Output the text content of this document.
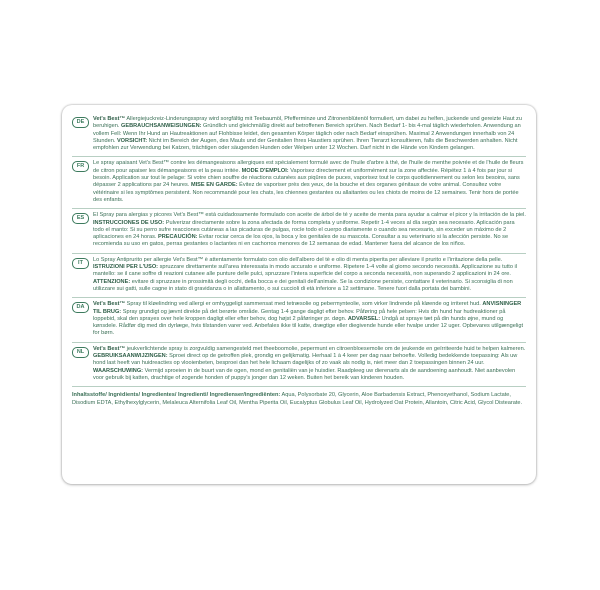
DE	Vet's Best™ Allergiejuckreiz-Linderungsspray wird sorgfältig mit Teebaumöl, Pfefferminze und Zitronenblütenöl formuliert, um dabei zu helfen, juckende und gereizte Haut zu beruhigen. GEBRAUCHSANWEISUNGEN: Gründlich und gleichmäßig direkt auf betroffenen Bereich sprühen. Nach Bedarf 1- bis 4-mal täglich wiederholen. Anwendung an vollem Fell: Wenn Ihr Hund an Hautreaktionen auf Flohbisse leidet, den gesamten Körper täglich oder nach Bedarf einsprühen. Maximal 2 Anwendungen innerhalb von 24 Stunden. VORSICHT: Nicht im Bereich der Augen, des Mauls und der Genitalien Ihres Haustiers sprühen. Ihren Tierarzt konsultieren, falls die Beschwerden anhalten. Nicht empfohlen zur Verwendung bei Katzen, trächtigen oder säugenden Hunden oder Welpen unter 12 Wochen. Darf nicht in die Hände von Kindern gelangen.

FR	Le spray apaisant Vet's Best™ contre les démangeaisons allergiques est spécialement formulé avec de l'huile d'arbre à thé, de l'huile de menthe poivrée et de l'huile de fleurs de citron pour apaiser les démangeaisons et la peau irritée. MODE D'EMPLOI: Vaporisez directement et uniformément sur la zone affectée. Répétez 1 à 4 fois par jour si besoin. Application sur tout le pelage: Si votre chien souffre de réactions cutanées aux piqûres de puces, vaporisez tout le corps quotidiennement ou selon les besoins, sans dépasser 2 applications par 24 heures. MISE EN GARDE: Évitez de vaporiser près des yeux, de la bouche et des organes génitaux de votre animal. Consultez votre vétérinaire si les symptômes persistent. Non recommandé pour les chats, les chiennes gestantes ou allaitantes ou les chiots de moins de 12 semaines. Tenir hors de portée des enfants.

ES	El Spray para alergias y picores Vet's Best™ está cuidadosamente formulado con aceite de árbol de té y aceite de menta para ayudar a calmar el picor y la irritación de la piel. INSTRUCCIONES DE USO: Pulverizar directamente sobre la zona afectada de forma completa y uniforme. Repetir 1-4 veces al día según sea necesario. Aplicación para todo el manto: Si su perro sufre reacciones cutáneas a las picaduras de pulgas, rocíe todo el cuerpo diariamente o cuando sea necesario, sin exceder un máximo de 2 aplicaciones en 24 horas. PRECAUCIÓN: Evitar rociar cerca de los ojos, la boca y los genitales de su mascota. Consultar a su veterinario si la afección persiste. No se recomienda su uso en gatos, perras gestantes o lactantes ni en cachorros menores de 12 semanas de edad. Mantener fuera del alcance de los niños.

IT	Lo Spray Antiprurito per allergie Vet's Best™ è attentamente formulato con olio dell'albero del tè e olio di menta piperita per alleviare il prurito e l'irritazione della pelle. ISTRUZIONI PER L'USO: spruzzare direttamente sull'area interessata in modo accurato e uniforme. Ripetere 1-4 volte al giorno secondo necessità. Applicazione su tutto il mantello: se il cane soffre di reazioni cutanee alle punture delle pulci, spruzzare l'intera superficie del corpo a seconda necessità, non superando 2 applicazioni in 24 ore. ATTENZIONE: evitare di spruzzare in prossimità degli occhi, della bocca e dei genitali dell'animale. Se la condizione persiste, contattare il veterinario. Si sconsiglia di non utilizzare sui gatti, sulle cagne in stato di gravidanza o in allattamento, o sui cuccioli di età inferiore a 12 settimane. Tenere fuori dalla portata dei bambini.

DA	Vet's Best™ Spray til kløelindring ved allergi er omhyggeligt sammensat med tetræsolie og pebermynteolie, som virker lindrende på kløende og irriteret hud. ANVISNINGER TIL BRUG: Spray grundigt og jævnt direkte på det berørte område. Gentag 1-4 gange dagligt efter behov. Påføring på hele pelsen: Hvis din hund har hudreaktioner på loppebid, skal den sprayes over hele kroppen dagligt eller efter behov, dog højst 2 påføringer pr. døgn. ADVARSEL: Undgå at spraye tæt på din hunds øjne, mund og kønsdele. Rådfør dig med din dyrlæge, hvis tilstanden varer ved. Anbefales ikke til katte, drægtige eller diegivende hunde eller hvalpe under 12 uger. Opbevares utilgængeligt for børn.

NL	Vet's Best™ jeukverlichtende spray is zorgvuldig samengesteld met theeboomolie, pepermunt en citroenbloesemolie om de jeukende en geïrriteerde huid te helpen kalmeren. GEBRUIKSAANWIJZINGEN: Sproei direct op de getroffen plek, grondig en gelijkmatig. Herhaal 1 à 4 keer per dag naar behoefte. Volledig bedekkende toepassing: Als uw hond last heeft van huidreacties op vlooienbeten, besproei dan het hele lichaam dagelijks of zo vaak als nodig is, niet meer dan 2 toepassingen binnen 24 uur. WAARSCHUWING: Vermijd sproeien in de buurt van de ogen, mond en genitaliën van je huisdier. Raadpleeg uw dierenarts als de aandoening aanhoudt. Niet aanbevolen voor gebruik bij katten, drachtige of zogende honden of puppy's jonger dan 12 weken. Buiten het bereik van kinderen houden.

Inhaltsstoffe/ Ingrédients/ Ingredientes/ Ingredienti/ Ingredienser/ingrediënten: Aqua, Polysorbate 20, Glycerin, Aloe Barbadensis Extract, Phenoxyethanol, Sodium Lactate, Disodium EDTA, Ethylhexylglycerin, Melaleuca Alternifolia Leaf Oil, Mentha Piperita Oil, Eucalyptus Globulus Leaf Oil, Hydrolyzed Oat Protein, Allantoin, Citric Acid, Glycol Distearate.
